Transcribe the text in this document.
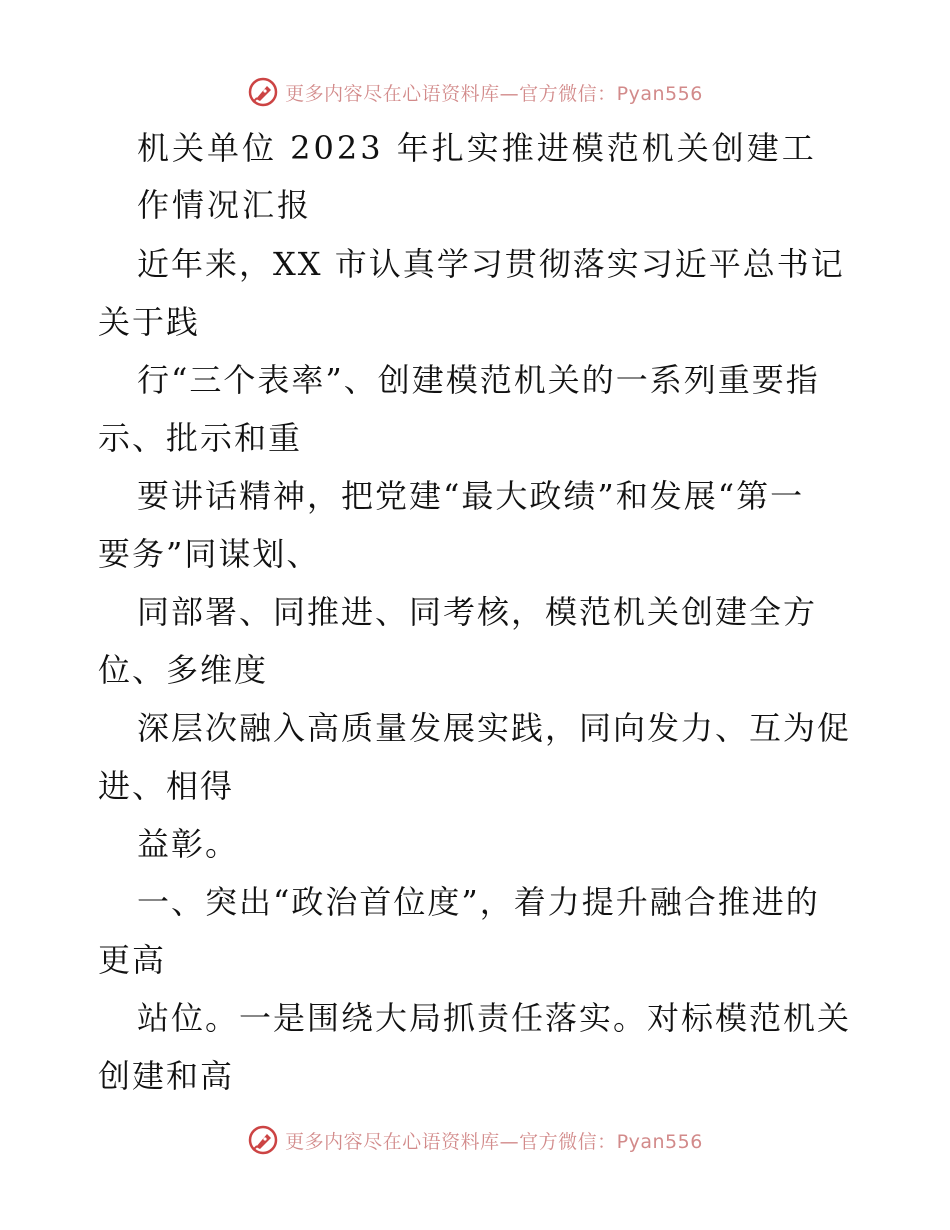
更多内容尽在心语资料库—官方微信：Pyan556
机关单位 2023 年扎实推进模范机关创建工
作情况汇报
近年来，XX 市认真学习贯彻落实习近平总书记
关于践
行“三个表率”、创建模范机关的一系列重要指
示、批示和重
要讲话精神，把党建“最大政绩”和发展“第一
要务”同谋划、
同部署、同推进、同考核，模范机关创建全方
位、多维度
深层次融入高质量发展实践，同向发力、互为促
进、相得
益彰。
一、突出“政治首位度”，着力提升融合推进的
更高
站位。一是围绕大局抓责任落实。对标模范机关
创建和高
更多内容尽在心语资料库—官方微信：Pyan556
